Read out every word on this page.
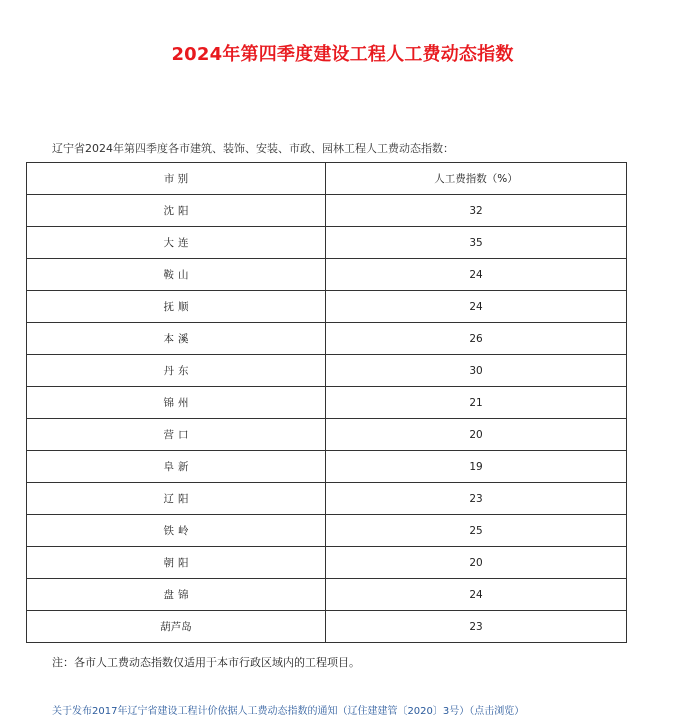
2024年第四季度建设工程人工费动态指数
辽宁省2024年第四季度各市建筑、装饰、安装、市政、园林工程人工费动态指数：
市 别	人工费指数（%）
沈阳	32
大连	35
鞍山	24
抚顺	24
本溪	26
丹东	30
锦州	21
营口	20
阜新	19
辽阳	23
铁岭	25
朝阳	20
盘锦	24
葫芦岛	23
注：各市人工费动态指数仅适用于本市行政区域内的工程项目。
关于发布2017年辽宁省建设工程计价依据人工费动态指数的通知（辽住建建管〔2020〕3号）（点击浏览）
